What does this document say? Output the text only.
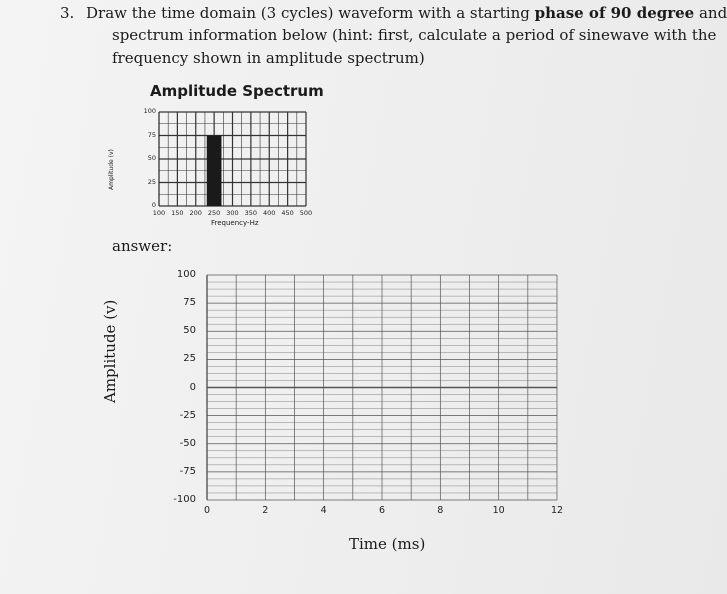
3. Draw the time domain (3 cycles) waveform with a starting phase of 90 degree and
spectrum information below (hint: first, calculate a period of sinewave with the
frequency shown in amplitude spectrum)
Amplitude Spectrum
0
25
50
75
100
100 150 200 250 300 350 400 450 500
Amplitude (v)
Frequency-Hz
answer:
100
75
50
25
0
-25
-50
-75
-100
0	2	4	6	8	10	12
Amplitude (v)
Time (ms)
